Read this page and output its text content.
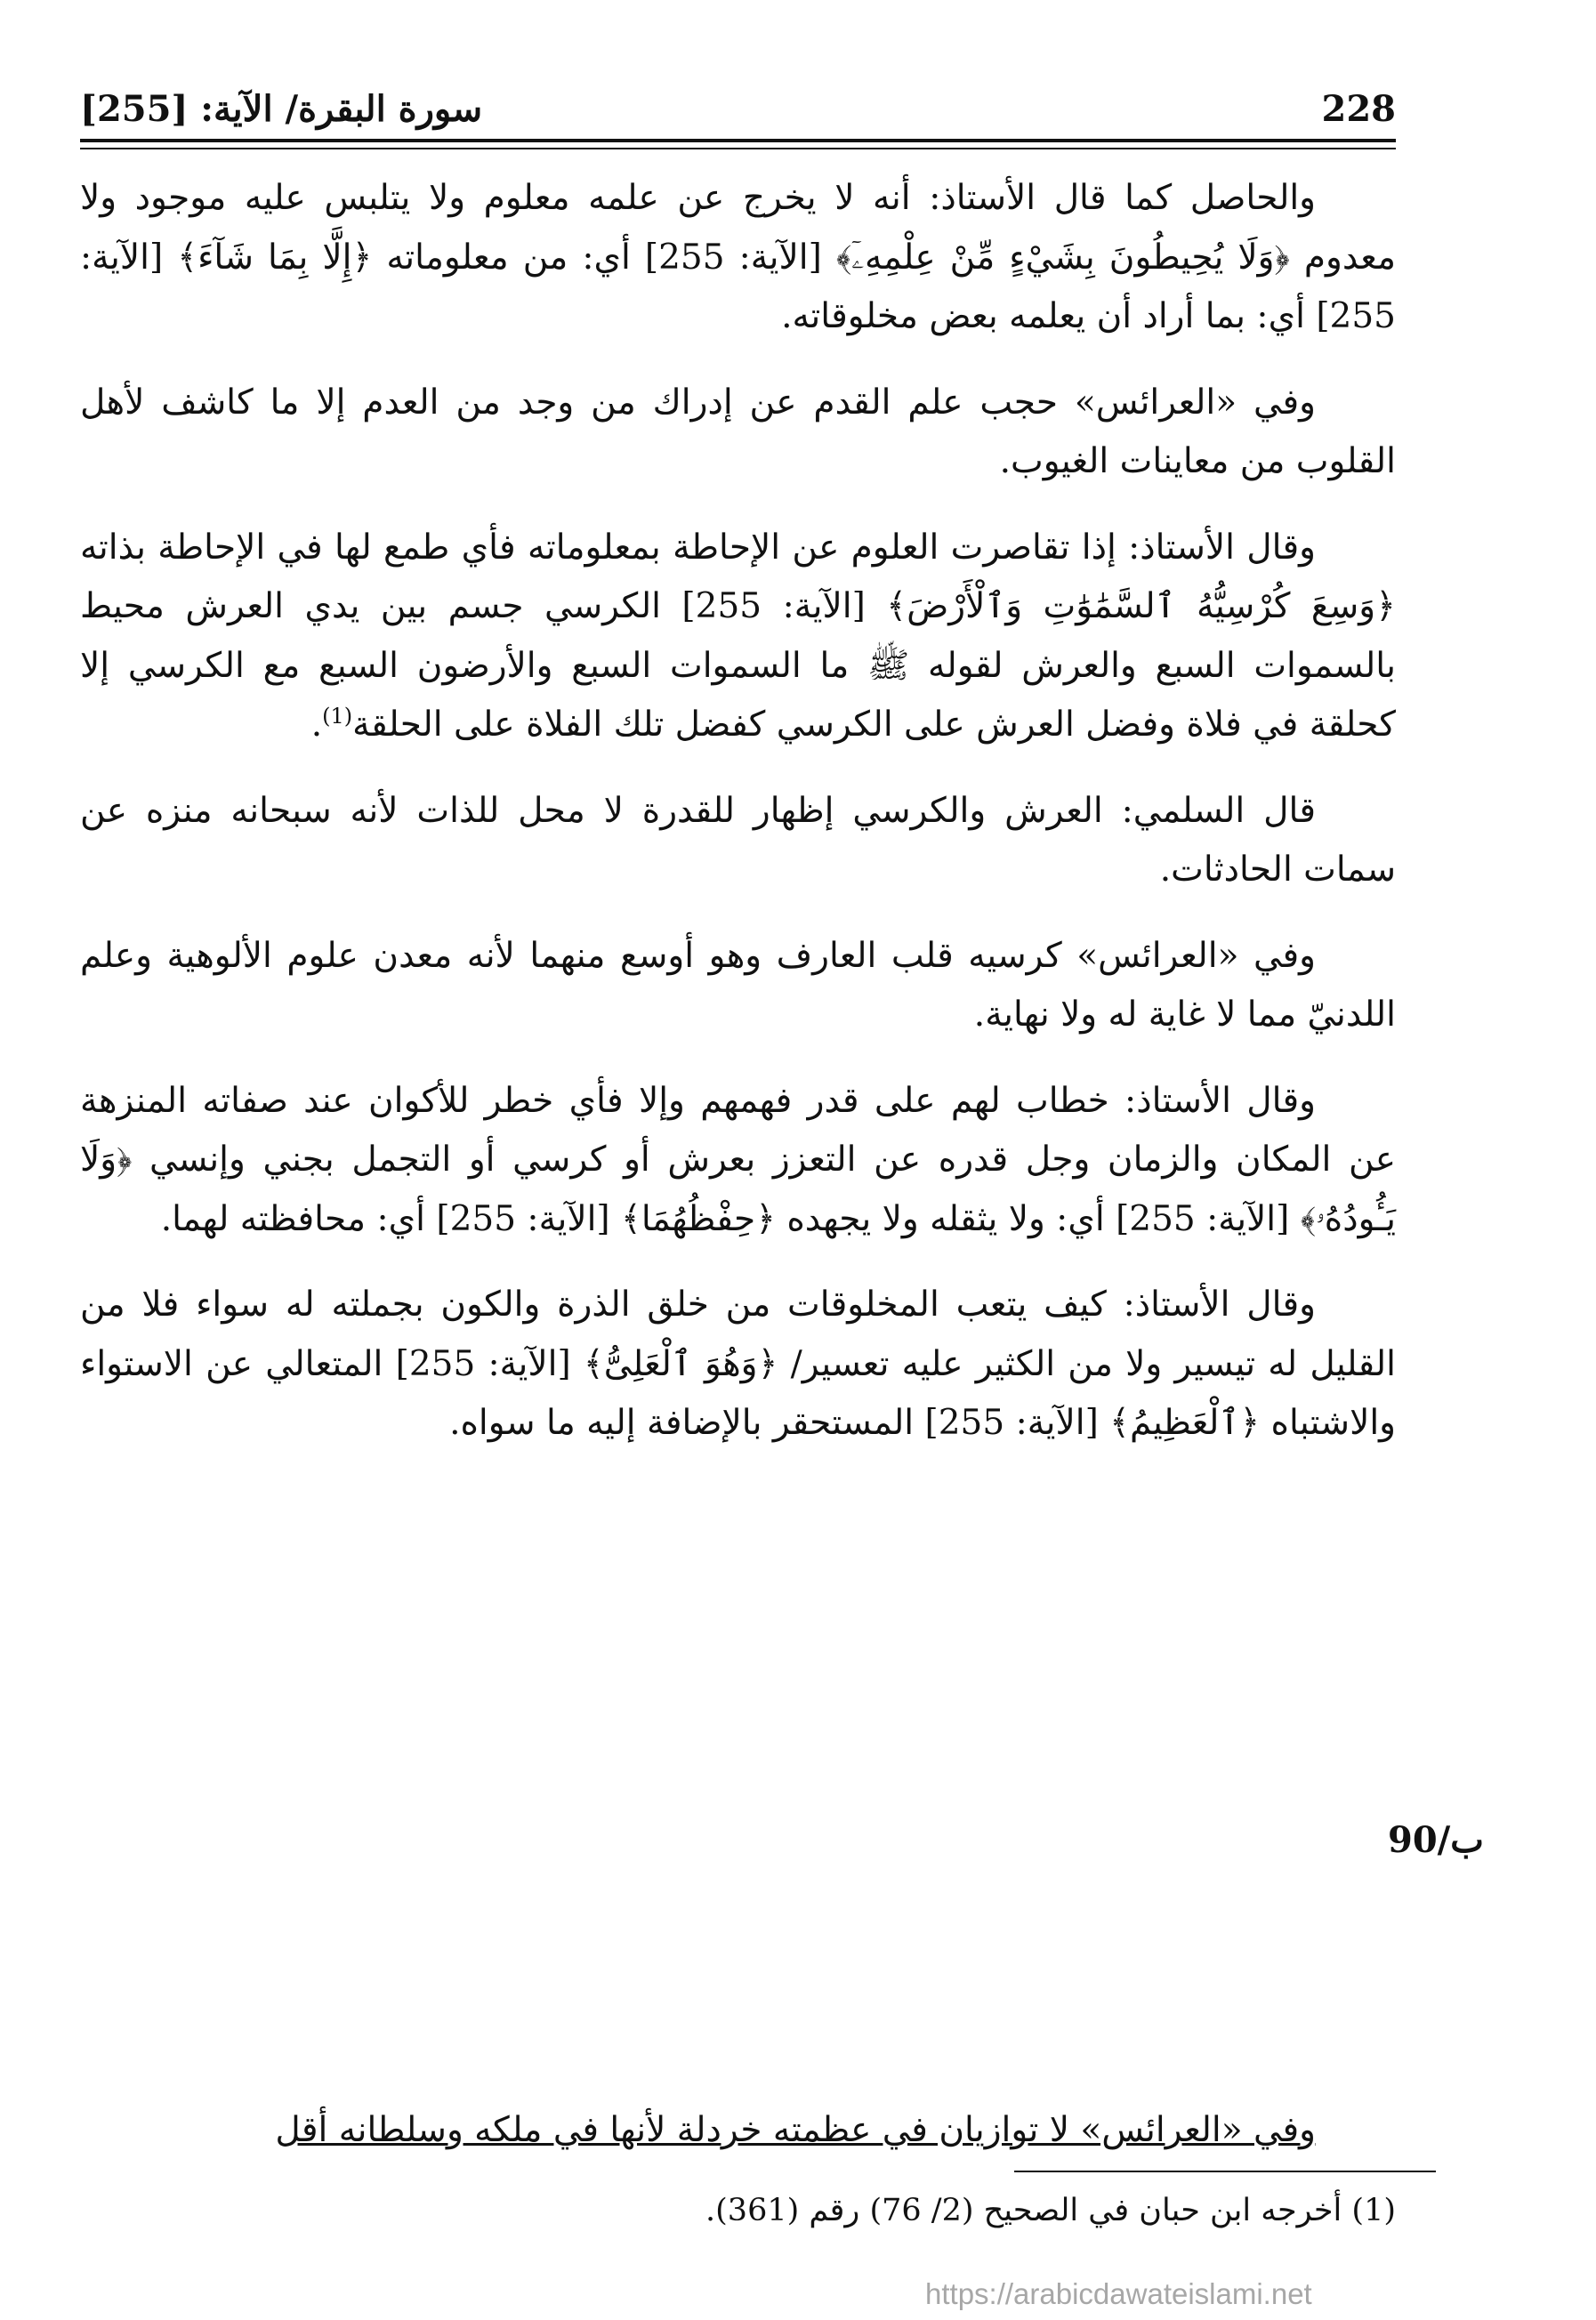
سورة البقرة/ الآية: [255]	228

والحاصل كما قال الأستاذ: أنه لا يخرج عن علمه معلوم ولا يتلبس عليه موجود ولا معدوم ﴿وَلَا يُحِيطُونَ بِشَيْءٍ مِّنْ عِلْمِهِۦٓ﴾ [الآية: 255] أي: من معلوماته ﴿إِلَّا بِمَا شَآءَ﴾ [الآية: 255] أي: بما أراد أن يعلمه بعض مخلوقاته.

وفي «العرائس» حجب علم القدم عن إدراك من وجد من العدم إلا ما كاشف لأهل القلوب من معاينات الغيوب.

وقال الأستاذ: إذا تقاصرت العلوم عن الإحاطة بمعلوماته فأي طمع لها في الإحاطة بذاته ﴿وَسِعَ كُرْسِيُّهُ ٱلسَّمَٰوَٰتِ وَٱلْأَرْضَ﴾ [الآية: 255] الكرسي جسم بين يدي العرش محيط بالسموات السبع والعرش لقوله ﷺ ما السموات السبع والأرضون السبع مع الكرسي إلا كحلقة في فلاة وفضل العرش على الكرسي كفضل تلك الفلاة على الحلقة$^{(1)}$.

قال السلمي: العرش والكرسي إظهار للقدرة لا محل للذات لأنه سبحانه منزه عن سمات الحادثات.

وفي «العرائس» كرسيه قلب العارف وهو أوسع منهما لأنه معدن علوم الألوهية وعلم اللدنيّ مما لا غاية له ولا نهاية.

وقال الأستاذ: خطاب لهم على قدر فهمهم وإلا فأي خطر للأكوان عند صفاته المنزهة عن المكان والزمان وجل قدره عن التعزز بعرش أو كرسي أو التجمل بجني وإنسي ﴿وَلَا يَـُٔودُهُۥ﴾ [الآية: 255] أي: ولا يثقله ولا يجهده ﴿حِفْظُهُمَا﴾ [الآية: 255] أي: محافظته لهما.

وقال الأستاذ: كيف يتعب المخلوقات من خلق الذرة والكون بجملته له سواء فلا من القليل له تيسير ولا من الكثير عليه تعسير/ ﴿وَهُوَ ٱلْعَلِىُّ﴾ [الآية: 255] المتعالي عن الاستواء والاشتباه ﴿ٱلْعَظِيمُ﴾ [الآية: 255] المستحقر بالإضافة إليه ما سواه.

90/ب
وفي «العرائس» لا توازيان في عظمته خردلة لأنها في ملكه وسلطانه أقل
(1) أخرجه ابن حبان في الصحيح (2/ 76) رقم (361).
https://arabicdawateislami.net
